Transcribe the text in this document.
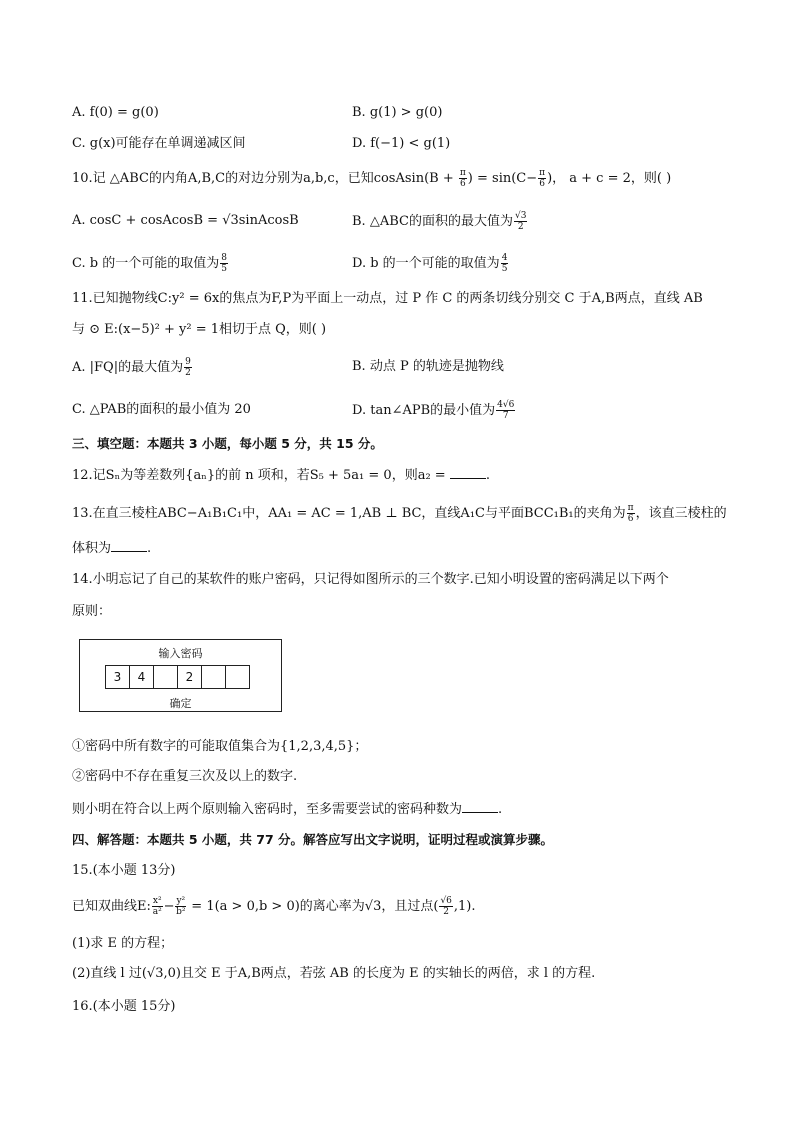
A. f(0) = g(0)	B. g(1) > g(0)
C. g(x)可能存在单调递减区间	D. f(−1) < g(1)
10.记 △ABC的内角A,B,C的对边分别为a,b,c，已知cosAsin(B + $\frac{\pi}{6}$ ) = $\sin(C- \frac{\pi}{6}$ )， a + c = 2，则( )
A. cosC + cosAcosB = √3sinAcosB	B. △ABC的面积的最大值为 $\frac{√3}{2}$
C. b 的一个可能的取值为 $\frac{8}{5}$	D. b 的一个可能的取值为 $\frac{4}{5}$
11.已知抛物线C:y² = 6x的焦点为F,P为平面上一动点，过 P 作 C 的两条切线分别交 C 于A,B两点，直线 AB
与 ⊙ E:(x−5)² + y² = 1相切于点 Q，则( )
A. |FQ|的最大值为 $\frac{9}{2}$	B. 动点 P 的轨迹是抛物线
C. △PAB的面积的最小值为 20	D. tan∠APB的最小值为 $\frac{4√6}{7}$
三、填空题：本题共 3 小题，每小题 5 分，共 15 分。
12.记Sₙ为等差数列{aₙ}的前 n 项和，若S₅ + 5a₁ = 0，则a₂ =	.
13.在直三棱柱ABC−A₁B₁C₁中，AA₁ = AC = 1,AB ⊥ BC，直线A₁C与平面BCC₁B₁的夹角为 $\frac{\pi}{6}$ ，该直三棱柱的
体积为	.
14.小明忘记了自己的某软件的账户密码，只记得如图所示的三个数字.已知小明设置的密码满足以下两个
原则：
输入密码
3	4	2
确定
①密码中所有数字的可能取值集合为{1,2,3,4,5}；
②密码中不存在重复三次及以上的数字.
则小明在符合以上两个原则输入密码时，至多需要尝试的密码种数为	.
四、解答题：本题共 5 小题，共 77 分。解答应写出文字说明，证明过程或演算步骤。
15.(本小题 13分)
已知双曲线E: $\frac{\text{x²}}{\text{a²}} - \frac{\text{y²}}{\text{b²}} = 1(a > 0,b > 0)$的离心率为√3，且过点( $\frac{√6}{2} ,1$).
(1)求 E 的方程；
(2)直线 l 过(√3,0)且交 E 于A,B两点，若弦 AB 的长度为 E 的实轴长的两倍，求 l 的方程.
16.(本小题 15分)
